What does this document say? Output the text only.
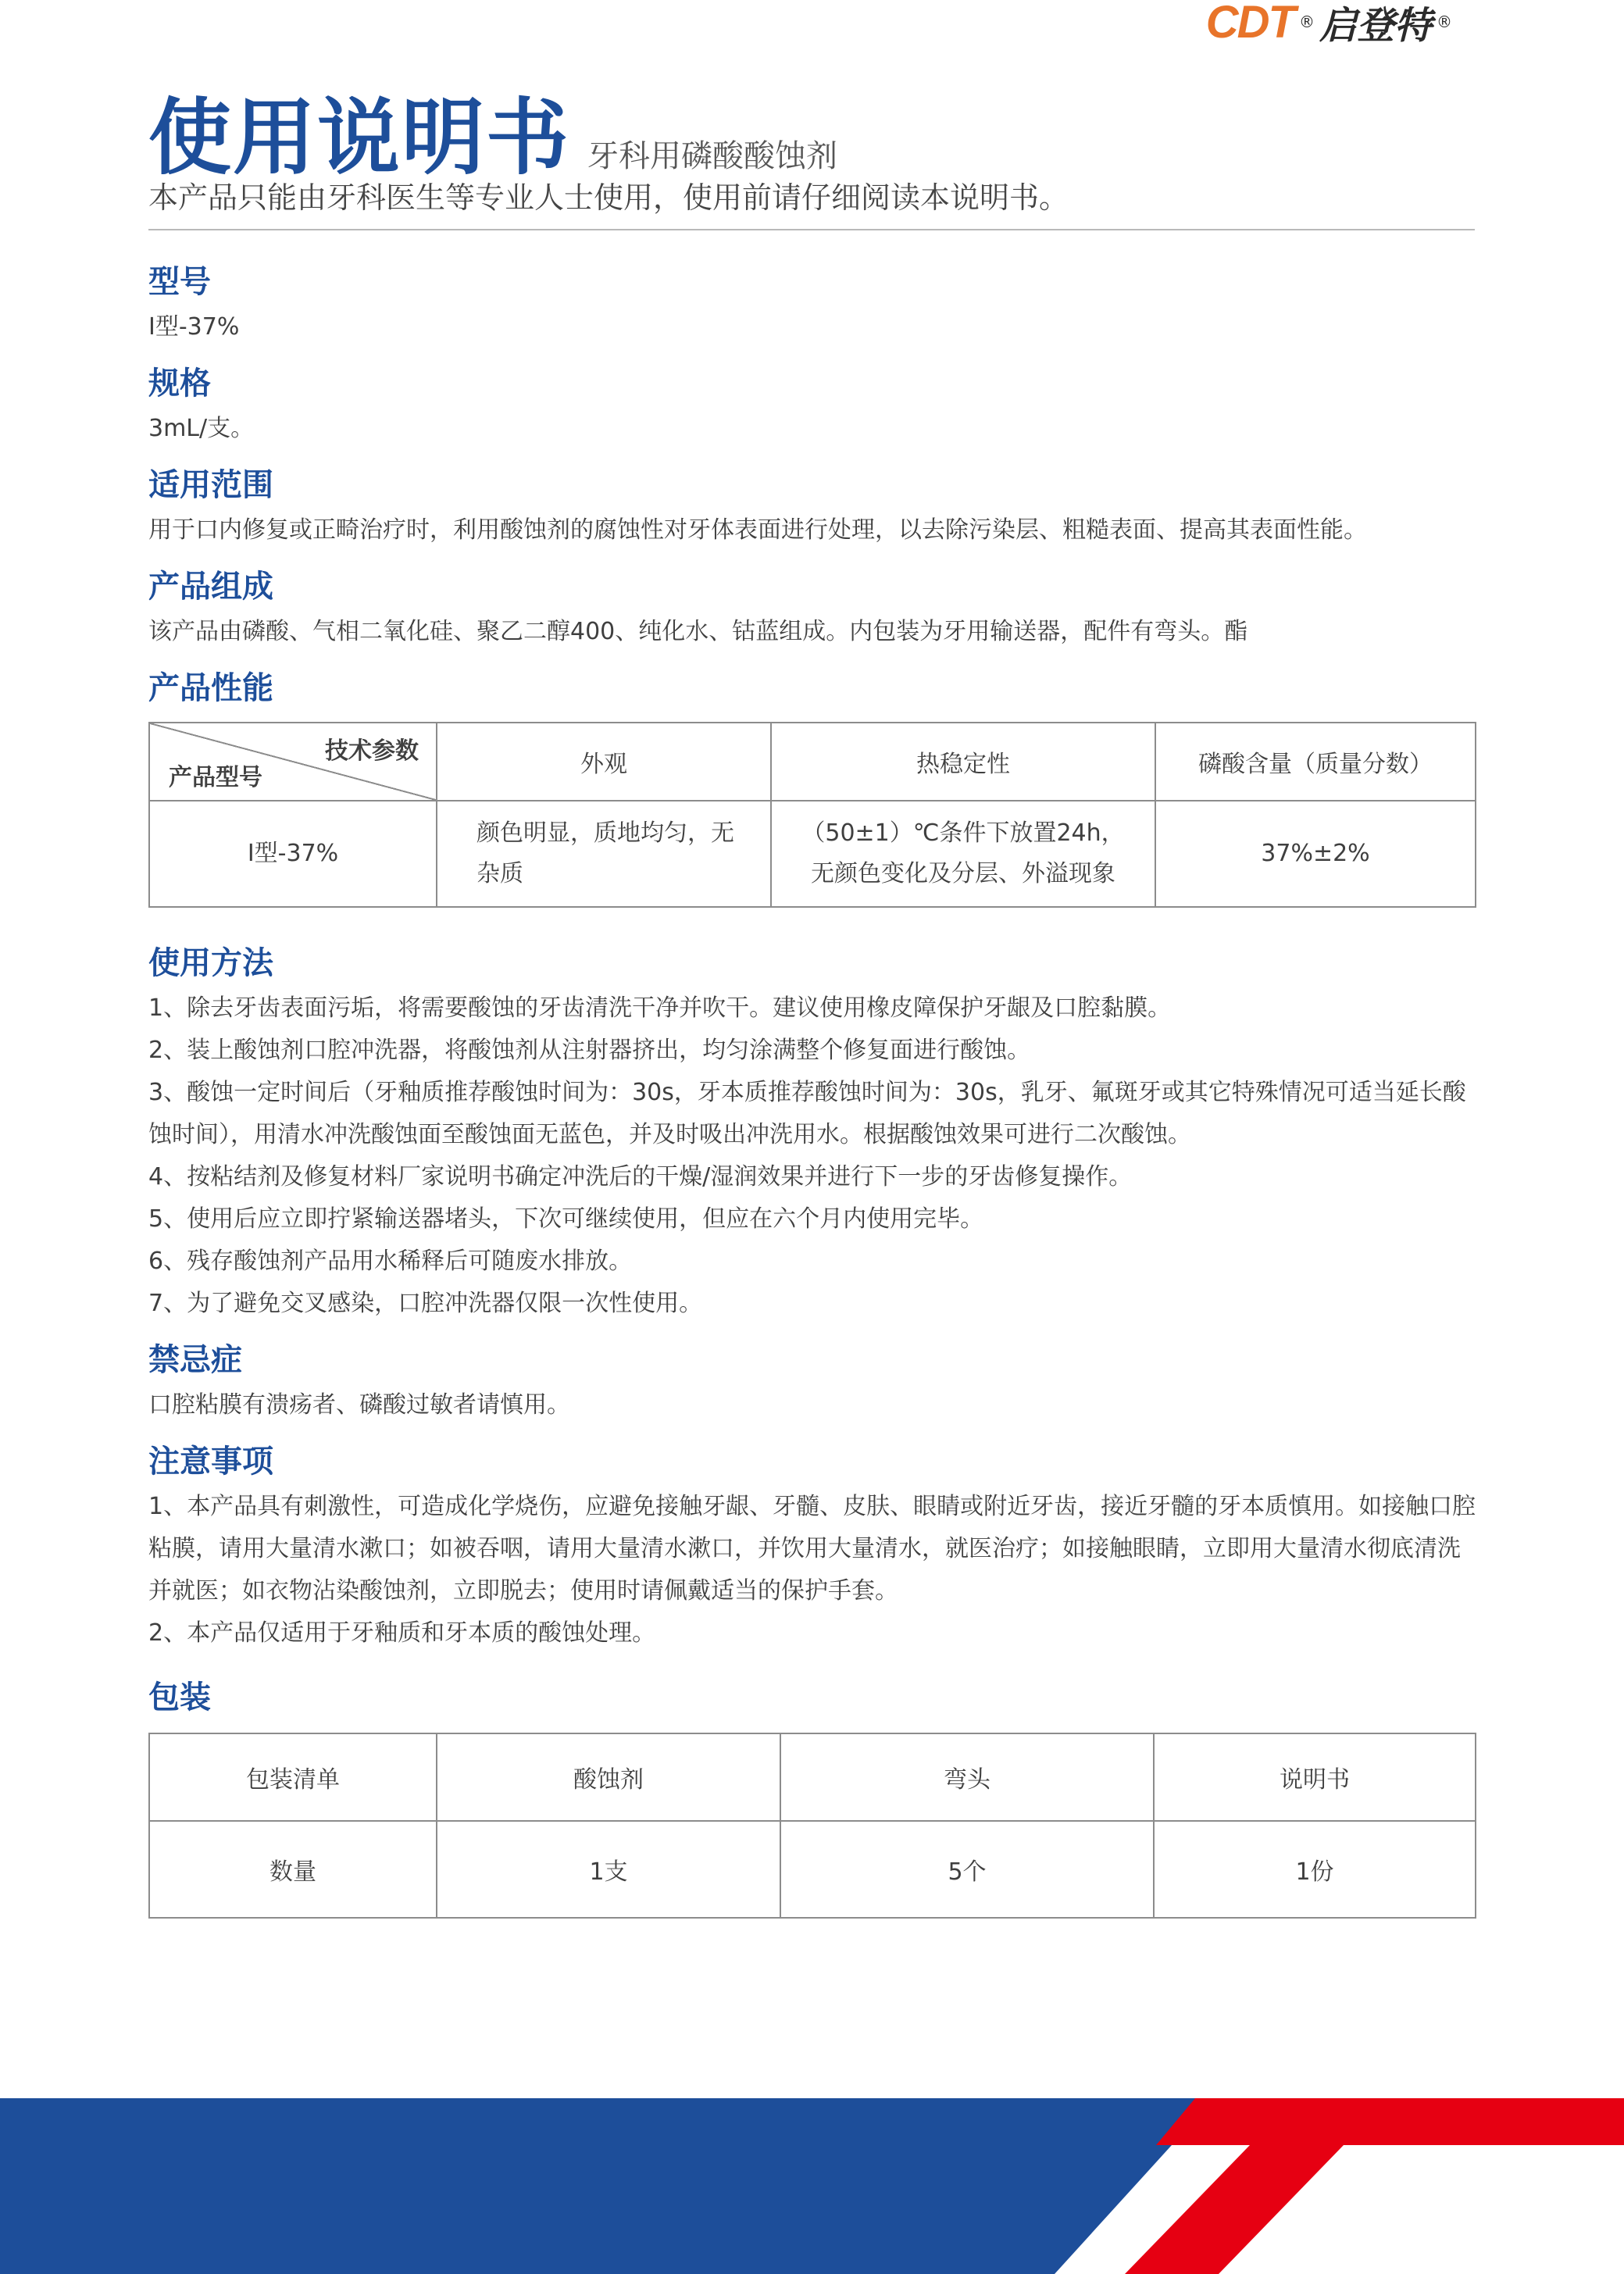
CDT ® 启登特 ®
使用说明书 牙科用磷酸酸蚀剂
本产品只能由牙科医生等专业人士使用，使用前请仔细阅读本说明书。
型号

Ⅰ型-37%

规格

3mL/支。

适用范围

用于口内修复或正畸治疗时，利用酸蚀剂的腐蚀性对牙体表面进行处理，以去除污染层、粗糙表面、提高其表面性能。

产品组成

该产品由磷酸、气相二氧化硅、聚乙二醇400、纯化水、钴蓝组成。内包装为牙用输送器，配件有弯头。酯

产品性能
技术参数
产品型号	外观	热稳定性	磷酸含量（质量分数）
Ⅰ型-37%	颜色明显，质地均匀，无杂质	（50±1）℃条件下放置24h，无颜色变化及分层、外溢现象	37%±2%
使用方法

1、除去牙齿表面污垢，将需要酸蚀的牙齿清洗干净并吹干。建议使用橡皮障保护牙龈及口腔黏膜。

2、装上酸蚀剂口腔冲洗器，将酸蚀剂从注射器挤出，均匀涂满整个修复面进行酸蚀。

3、酸蚀一定时间后（牙釉质推荐酸蚀时间为：30s，牙本质推荐酸蚀时间为：30s，乳牙、氟斑牙或其它特殊情况可适当延长酸蚀时间），用清水冲洗酸蚀面至酸蚀面无蓝色，并及时吸出冲洗用水。根据酸蚀效果可进行二次酸蚀。

4、按粘结剂及修复材料厂家说明书确定冲洗后的干燥/湿润效果并进行下一步的牙齿修复操作。

5、使用后应立即拧紧输送器堵头，下次可继续使用，但应在六个月内使用完毕。

6、残存酸蚀剂产品用水稀释后可随废水排放。

7、为了避免交叉感染，口腔冲洗器仅限一次性使用。

禁忌症

口腔粘膜有溃疡者、磷酸过敏者请慎用。

注意事项

1、本产品具有刺激性，可造成化学烧伤，应避免接触牙龈、牙髓、皮肤、眼睛或附近牙齿，接近牙髓的牙本质慎用。如接触口腔粘膜，请用大量清水漱口；如被吞咽，请用大量清水漱口，并饮用大量清水，就医治疗；如接触眼睛，立即用大量清水彻底清洗并就医；如衣物沾染酸蚀剂，立即脱去；使用时请佩戴适当的保护手套。

2、本产品仅适用于牙釉质和牙本质的酸蚀处理。

包装
包装清单	酸蚀剂	弯头	说明书
数量	1支	5个	1份
